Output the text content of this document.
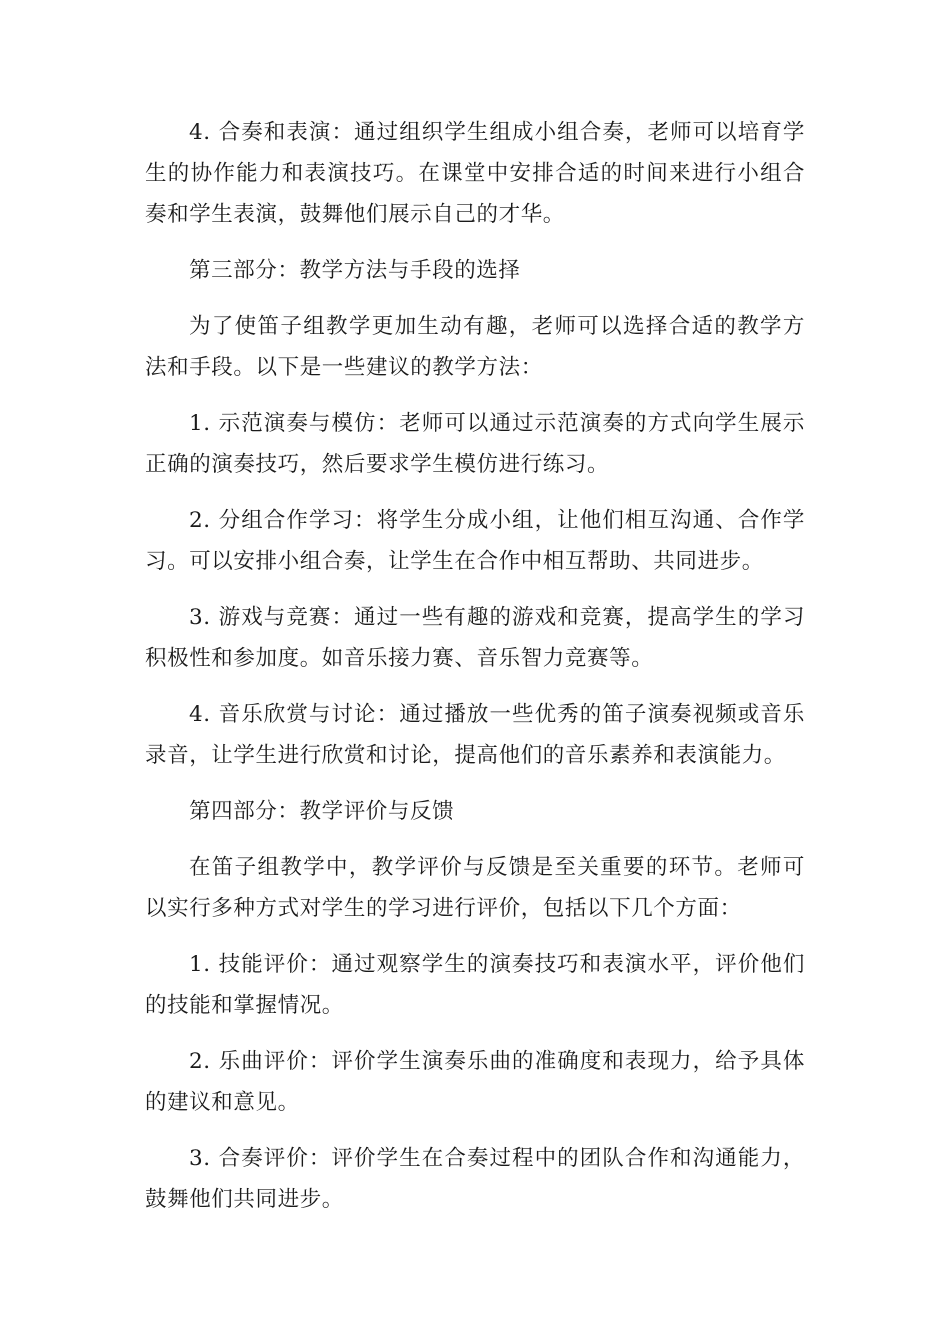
4. 合奏和表演：通过组织学生组成小组合奏，老师可以培育学生的协作能力和表演技巧。在课堂中安排合适的时间来进行小组合奏和学生表演，鼓舞他们展示自己的才华。

第三部分：教学方法与手段的选择

为了使笛子组教学更加生动有趣，老师可以选择合适的教学方法和手段。以下是一些建议的教学方法：

1. 示范演奏与模仿：老师可以通过示范演奏的方式向学生展示正确的演奏技巧，然后要求学生模仿进行练习。

2. 分组合作学习：将学生分成小组，让他们相互沟通、合作学习。可以安排小组合奏，让学生在合作中相互帮助、共同进步。

3. 游戏与竞赛：通过一些有趣的游戏和竞赛，提高学生的学习积极性和参加度。如音乐接力赛、音乐智力竞赛等。

4. 音乐欣赏与讨论：通过播放一些优秀的笛子演奏视频或音乐录音，让学生进行欣赏和讨论，提高他们的音乐素养和表演能力。

第四部分：教学评价与反馈

在笛子组教学中，教学评价与反馈是至关重要的环节。老师可以实行多种方式对学生的学习进行评价，包括以下几个方面：

1. 技能评价：通过观察学生的演奏技巧和表演水平，评价他们的技能和掌握情况。

2. 乐曲评价：评价学生演奏乐曲的准确度和表现力，给予具体的建议和意见。

3. 合奏评价：评价学生在合奏过程中的团队合作和沟通能力，鼓舞他们共同进步。
